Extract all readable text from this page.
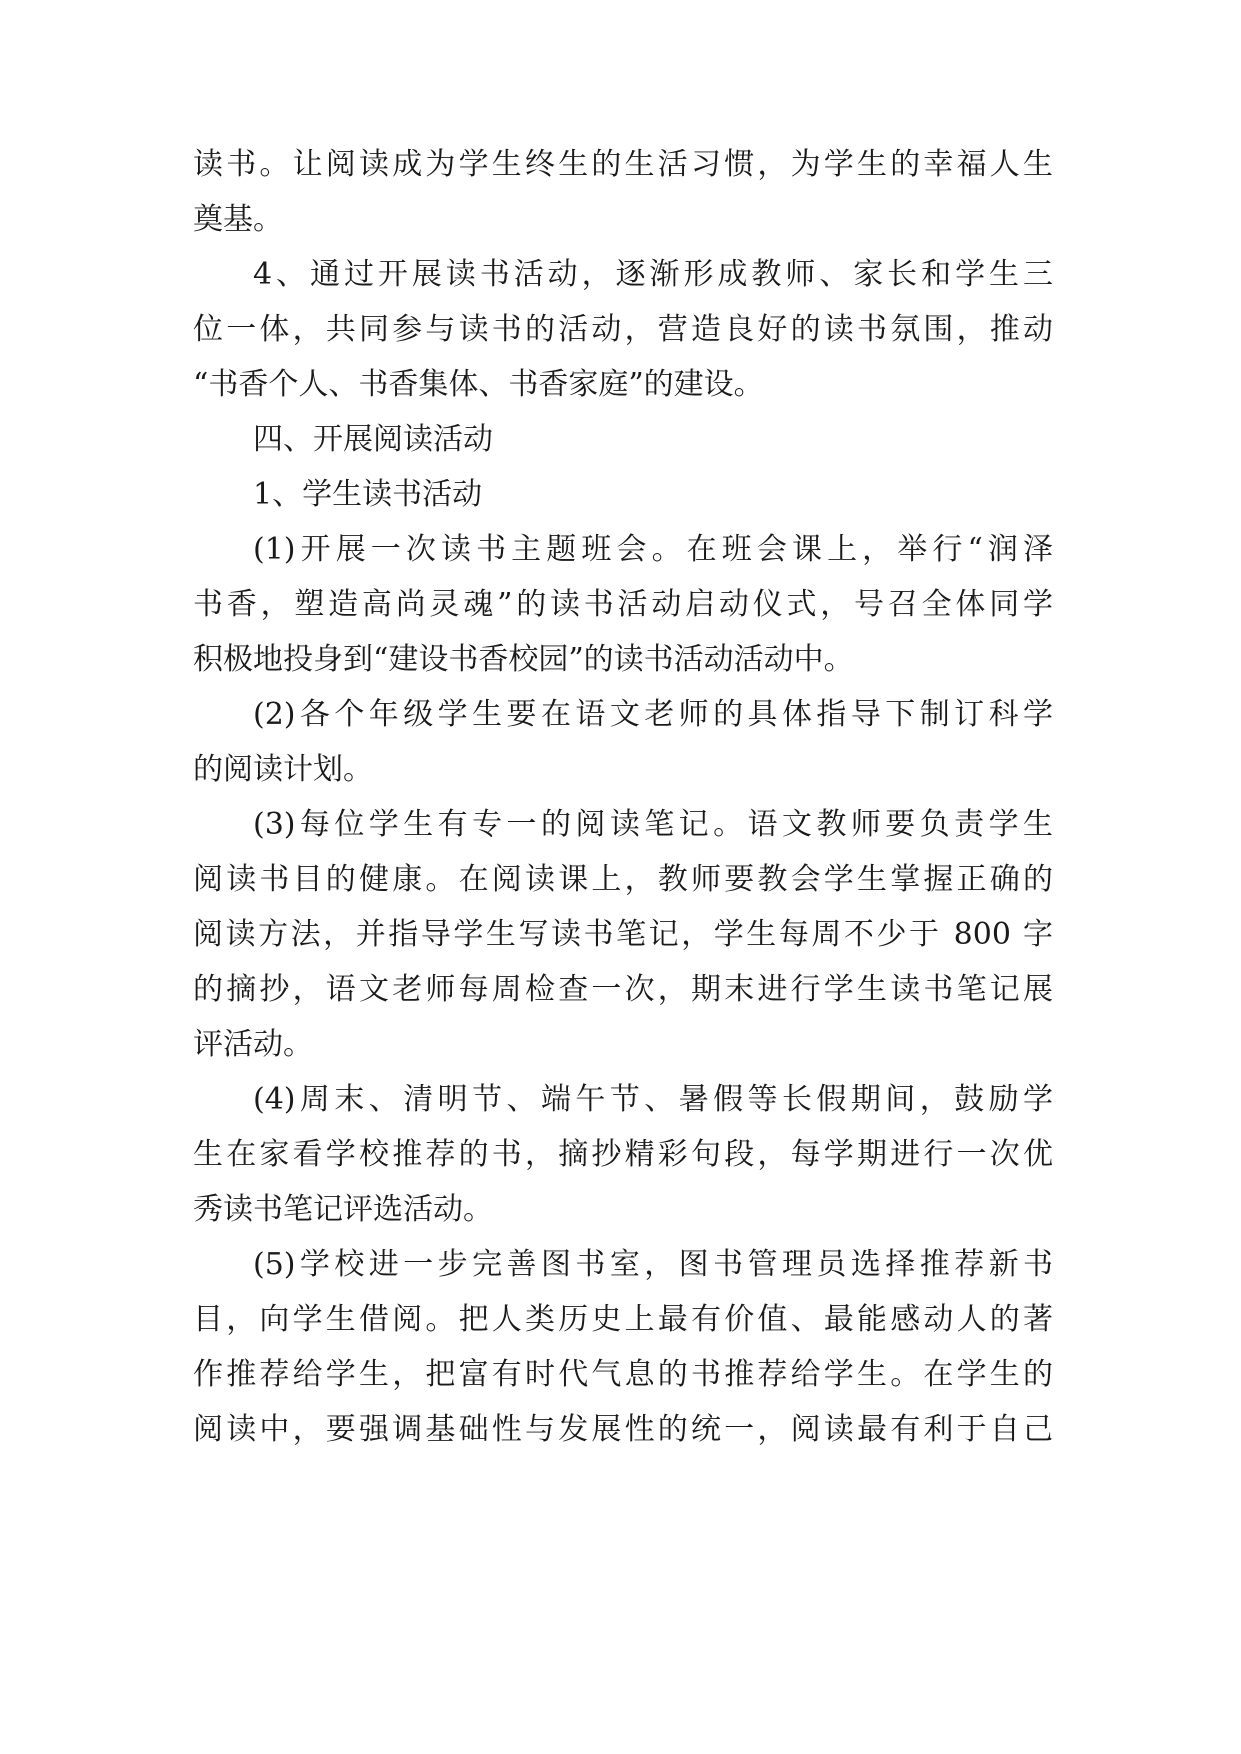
读书。让阅读成为学生终生的生活习惯，为学生的幸福人生
奠基。
4、通过开展读书活动，逐渐形成教师、家长和学生三
位一体，共同参与读书的活动，营造良好的读书氛围，推动
“书香个人、书香集体、书香家庭”的建设。
四、开展阅读活动
1、学生读书活动
(1)开展一次读书主题班会。在班会课上，举行“润泽
书香，塑造高尚灵魂”的读书活动启动仪式，号召全体同学
积极地投身到“建设书香校园”的读书活动活动中。
(2)各个年级学生要在语文老师的具体指导下制订科学
的阅读计划。
(3)每位学生有专一的阅读笔记。语文教师要负责学生
阅读书目的健康。在阅读课上，教师要教会学生掌握正确的
阅读方法，并指导学生写读书笔记，学生每周不少于 800 字
的摘抄，语文老师每周检查一次，期末进行学生读书笔记展
评活动。
(4)周末、清明节、端午节、暑假等长假期间，鼓励学
生在家看学校推荐的书，摘抄精彩句段，每学期进行一次优
秀读书笔记评选活动。
(5)学校进一步完善图书室，图书管理员选择推荐新书
目，向学生借阅。把人类历史上最有价值、最能感动人的著
作推荐给学生，把富有时代气息的书推荐给学生。在学生的
阅读中，要强调基础性与发展性的统一，阅读最有利于自己
